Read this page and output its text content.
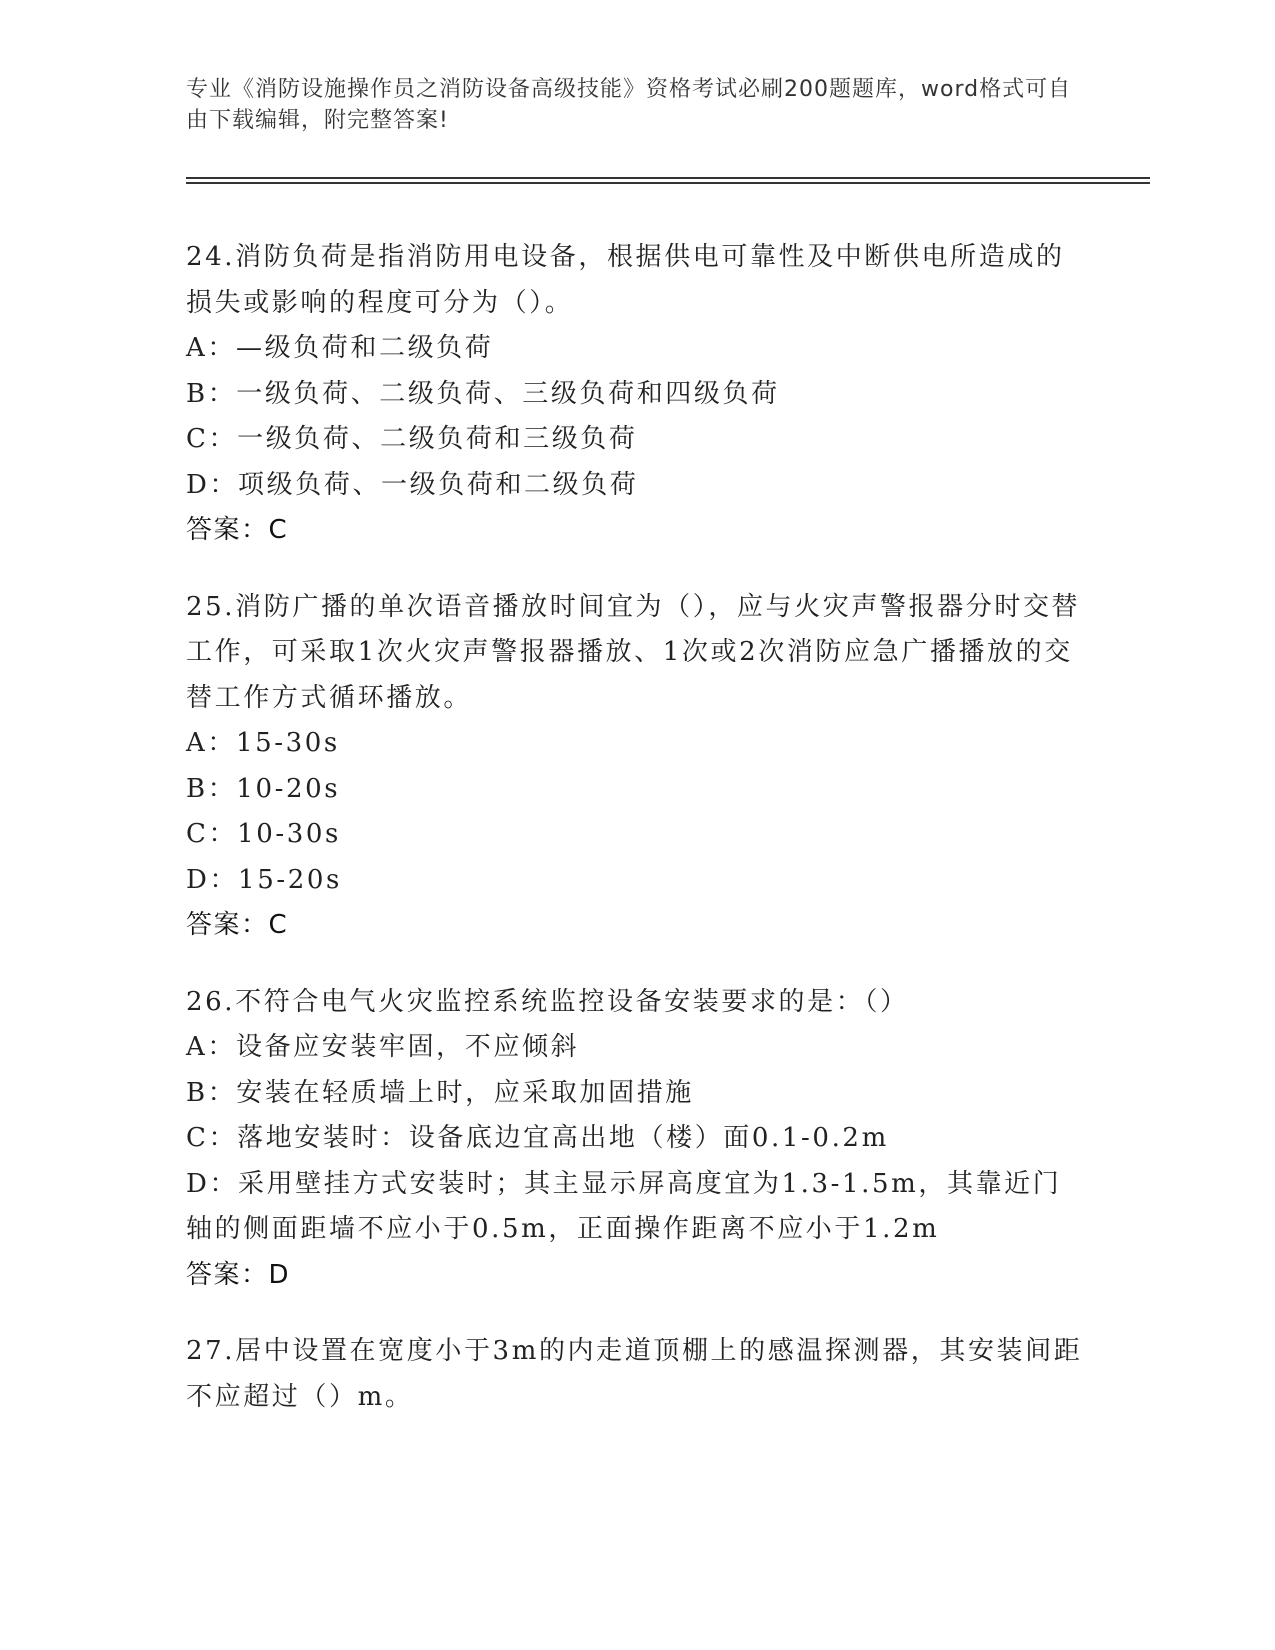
专业《消防设施操作员之消防设备高级技能》资格考试必刷200题题库，word格式可自由下载编辑，附完整答案!

24.消防负荷是指消防用电设备，根据供电可靠性及中断供电所造成的损失或影响的程度可分为（）。

A：—级负荷和二级负荷

B：一级负荷、二级负荷、三级负荷和四级负荷

C：一级负荷、二级负荷和三级负荷

D：项级负荷、一级负荷和二级负荷

答案：C

25.消防广播的单次语音播放时间宜为（），应与火灾声警报器分时交替工作，可采取1次火灾声警报器播放、1次或2次消防应急广播播放的交替工作方式循环播放。

A：15-30s

B：10-20s

C：10-30s

D：15-20s

答案：C

26.不符合电气火灾监控系统监控设备安装要求的是：（）

A：设备应安装牢固，不应倾斜

B：安装在轻质墙上时，应采取加固措施

C：落地安装时：设备底边宜高出地（楼）面0.1-0.2m

D：采用壁挂方式安装时；其主显示屏高度宜为1.3-1.5m，其靠近门轴的侧面距墙不应小于0.5m，正面操作距离不应小于1.2m

答案：D

27.居中设置在宽度小于3m的内走道顶棚上的感温探测器，其安装间距不应超过（）m。
